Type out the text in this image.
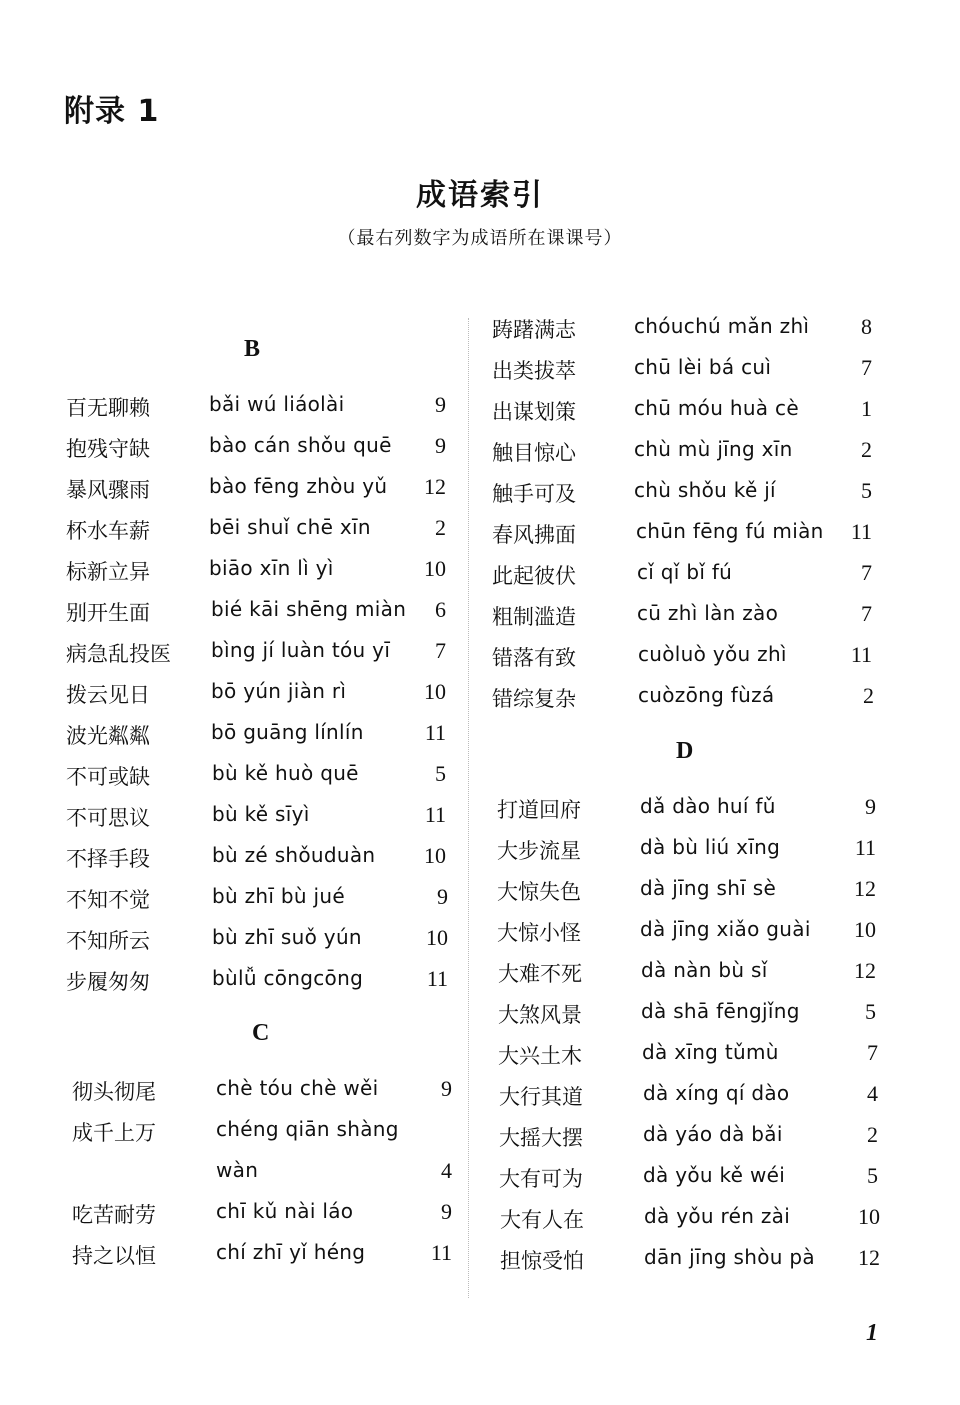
附录 1
成语索引
（最右列数字为成语所在课课号）
B
百无聊赖	bǎi wú liáolài	9
抱残守缺	bào cán shǒu quē	9
暴风骤雨	bào fēng zhòu yǔ	12
杯水车薪	bēi shuǐ chē xīn	2
标新立异	biāo xīn lì yì	10
别开生面	bié kāi shēng miàn	6
病急乱投医 bìng jí luàn tóu yī	7
拨云见日	bō yún jiàn rì	10
波光粼粼	bō guāng línlín	11
不可或缺	bù kě huò quē	5
不可思议	bù kě sīyì	11
不择手段	bù zé shǒuduàn	10
不知不觉	bù zhī bù jué	9
不知所云	bù zhī suǒ yún	10
步履匆匆	bùlǚ cōngcōng	11
C
彻头彻尾	chè tóu chè wěi	9
成千上万	chéng qiān shàng
wàn	4
吃苦耐劳	chī kǔ nài láo	9
持之以恒	chí zhī yǐ héng	11
踌躇满志	chóuchú mǎn zhì	8
出类拔萃	chū lèi bá cuì	7
出谋划策	chū móu huà cè	1
触目惊心	chù mù jīng xīn	2
触手可及	chù shǒu kě jí	5
春风拂面	chūn fēng fú miàn	11
此起彼伏	cǐ qǐ bǐ fú	7
粗制滥造	cū zhì làn zào	7
错落有致	cuòluò yǒu zhì	11
错综复杂	cuòzōng fùzá	2
D
打道回府	dǎ dào huí fǔ	9
大步流星	dà bù liú xīng	11
大惊失色	dà jīng shī sè	12
大惊小怪	dà jīng xiǎo guài	10
大难不死	dà nàn bù sǐ	12
大煞风景	dà shā fēngjǐng	5
大兴土木	dà xīng tǔmù	7
大行其道	dà xíng qí dào	4
大摇大摆	dà yáo dà bǎi	2
大有可为	dà yǒu kě wéi	5
大有人在	dà yǒu rén zài	10
担惊受怕	dān jīng shòu pà	12
1
